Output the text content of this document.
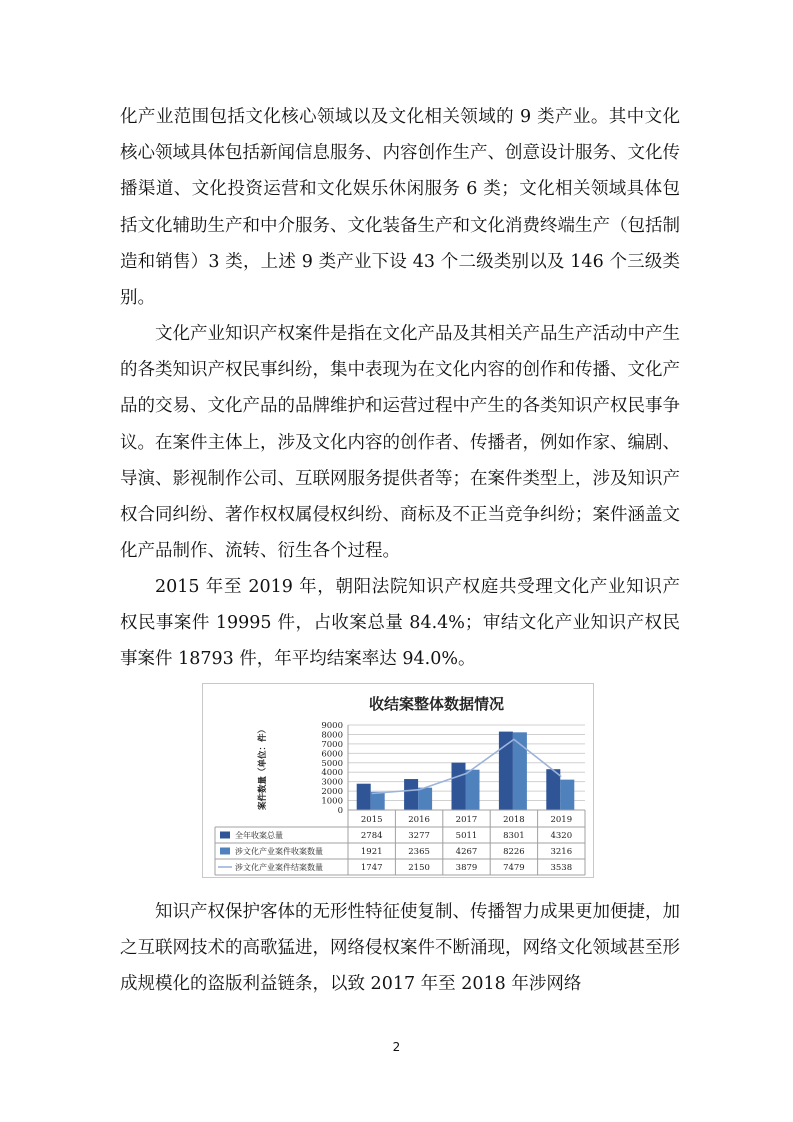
化产业范围包括文化核心领域以及文化相关领域的 9 类产业。其中文化核心领域具体包括新闻信息服务、内容创作生产、创意设计服务、文化传播渠道、文化投资运营和文化娱乐休闲服务 6 类；文化相关领域具体包括文化辅助生产和中介服务、文化装备生产和文化消费终端生产（包括制造和销售）3 类，上述 9 类产业下设 43 个二级类别以及 146 个三级类别。

文化产业知识产权案件是指在文化产品及其相关产品生产活动中产生的各类知识产权民事纠纷，集中表现为在文化内容的创作和传播、文化产品的交易、文化产品的品牌维护和运营过程中产生的各类知识产权民事争议。在案件主体上，涉及文化内容的创作者、传播者，例如作家、编剧、导演、影视制作公司、互联网服务提供者等；在案件类型上，涉及知识产权合同纠纷、著作权权属侵权纠纷、商标及不正当竞争纠纷；案件涵盖文化产品制作、流转、衍生各个过程。

2015 年至 2019 年，朝阳法院知识产权庭共受理文化产业知识产权民事案件 19995 件，占收案总量 84.4%；审结文化产业知识产权民事案件 18793 件，年平均结案率达 94.0%。

收结案整体数据情况
案件数量（单位：件）
0
1000
2000
3000
4000
5000
6000
7000
8000
9000
2015	2016	2017	2018	2019
全年收案总量	2784	3277	5011	8301	4320
涉文化产业案件收案数量	1921	2365	4267	8226	3216
涉文化产业案件结案数量	1747	2150	3879	7479	3538

知识产权保护客体的无形性特征使复制、传播智力成果更加便捷，加之互联网技术的高歌猛进，网络侵权案件不断涌现，网络文化领域甚至形成规模化的盗版利益链条，以致 2017 年至 2018 年涉网络

2
